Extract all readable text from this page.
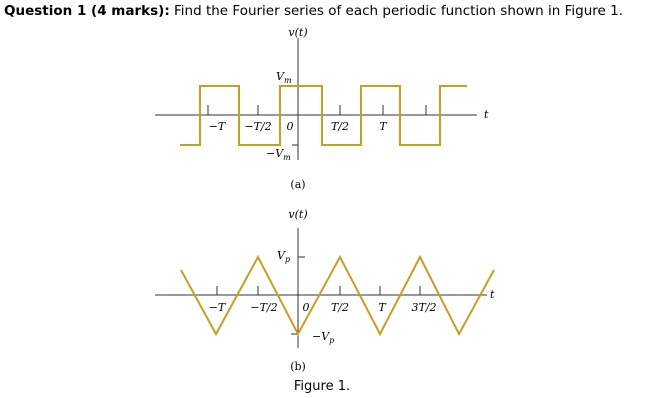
Question 1 (4 marks): Find the Fourier series of each periodic function shown in Figure 1.
v(t)
t
$V_m$
$-V_m$
−T −T/2 0	T/2	T
(a)
v(t)
t
$V_p$
$-V_p$
−T −T/2 0 T/2	T 3T/2
(b)
Figure 1.
